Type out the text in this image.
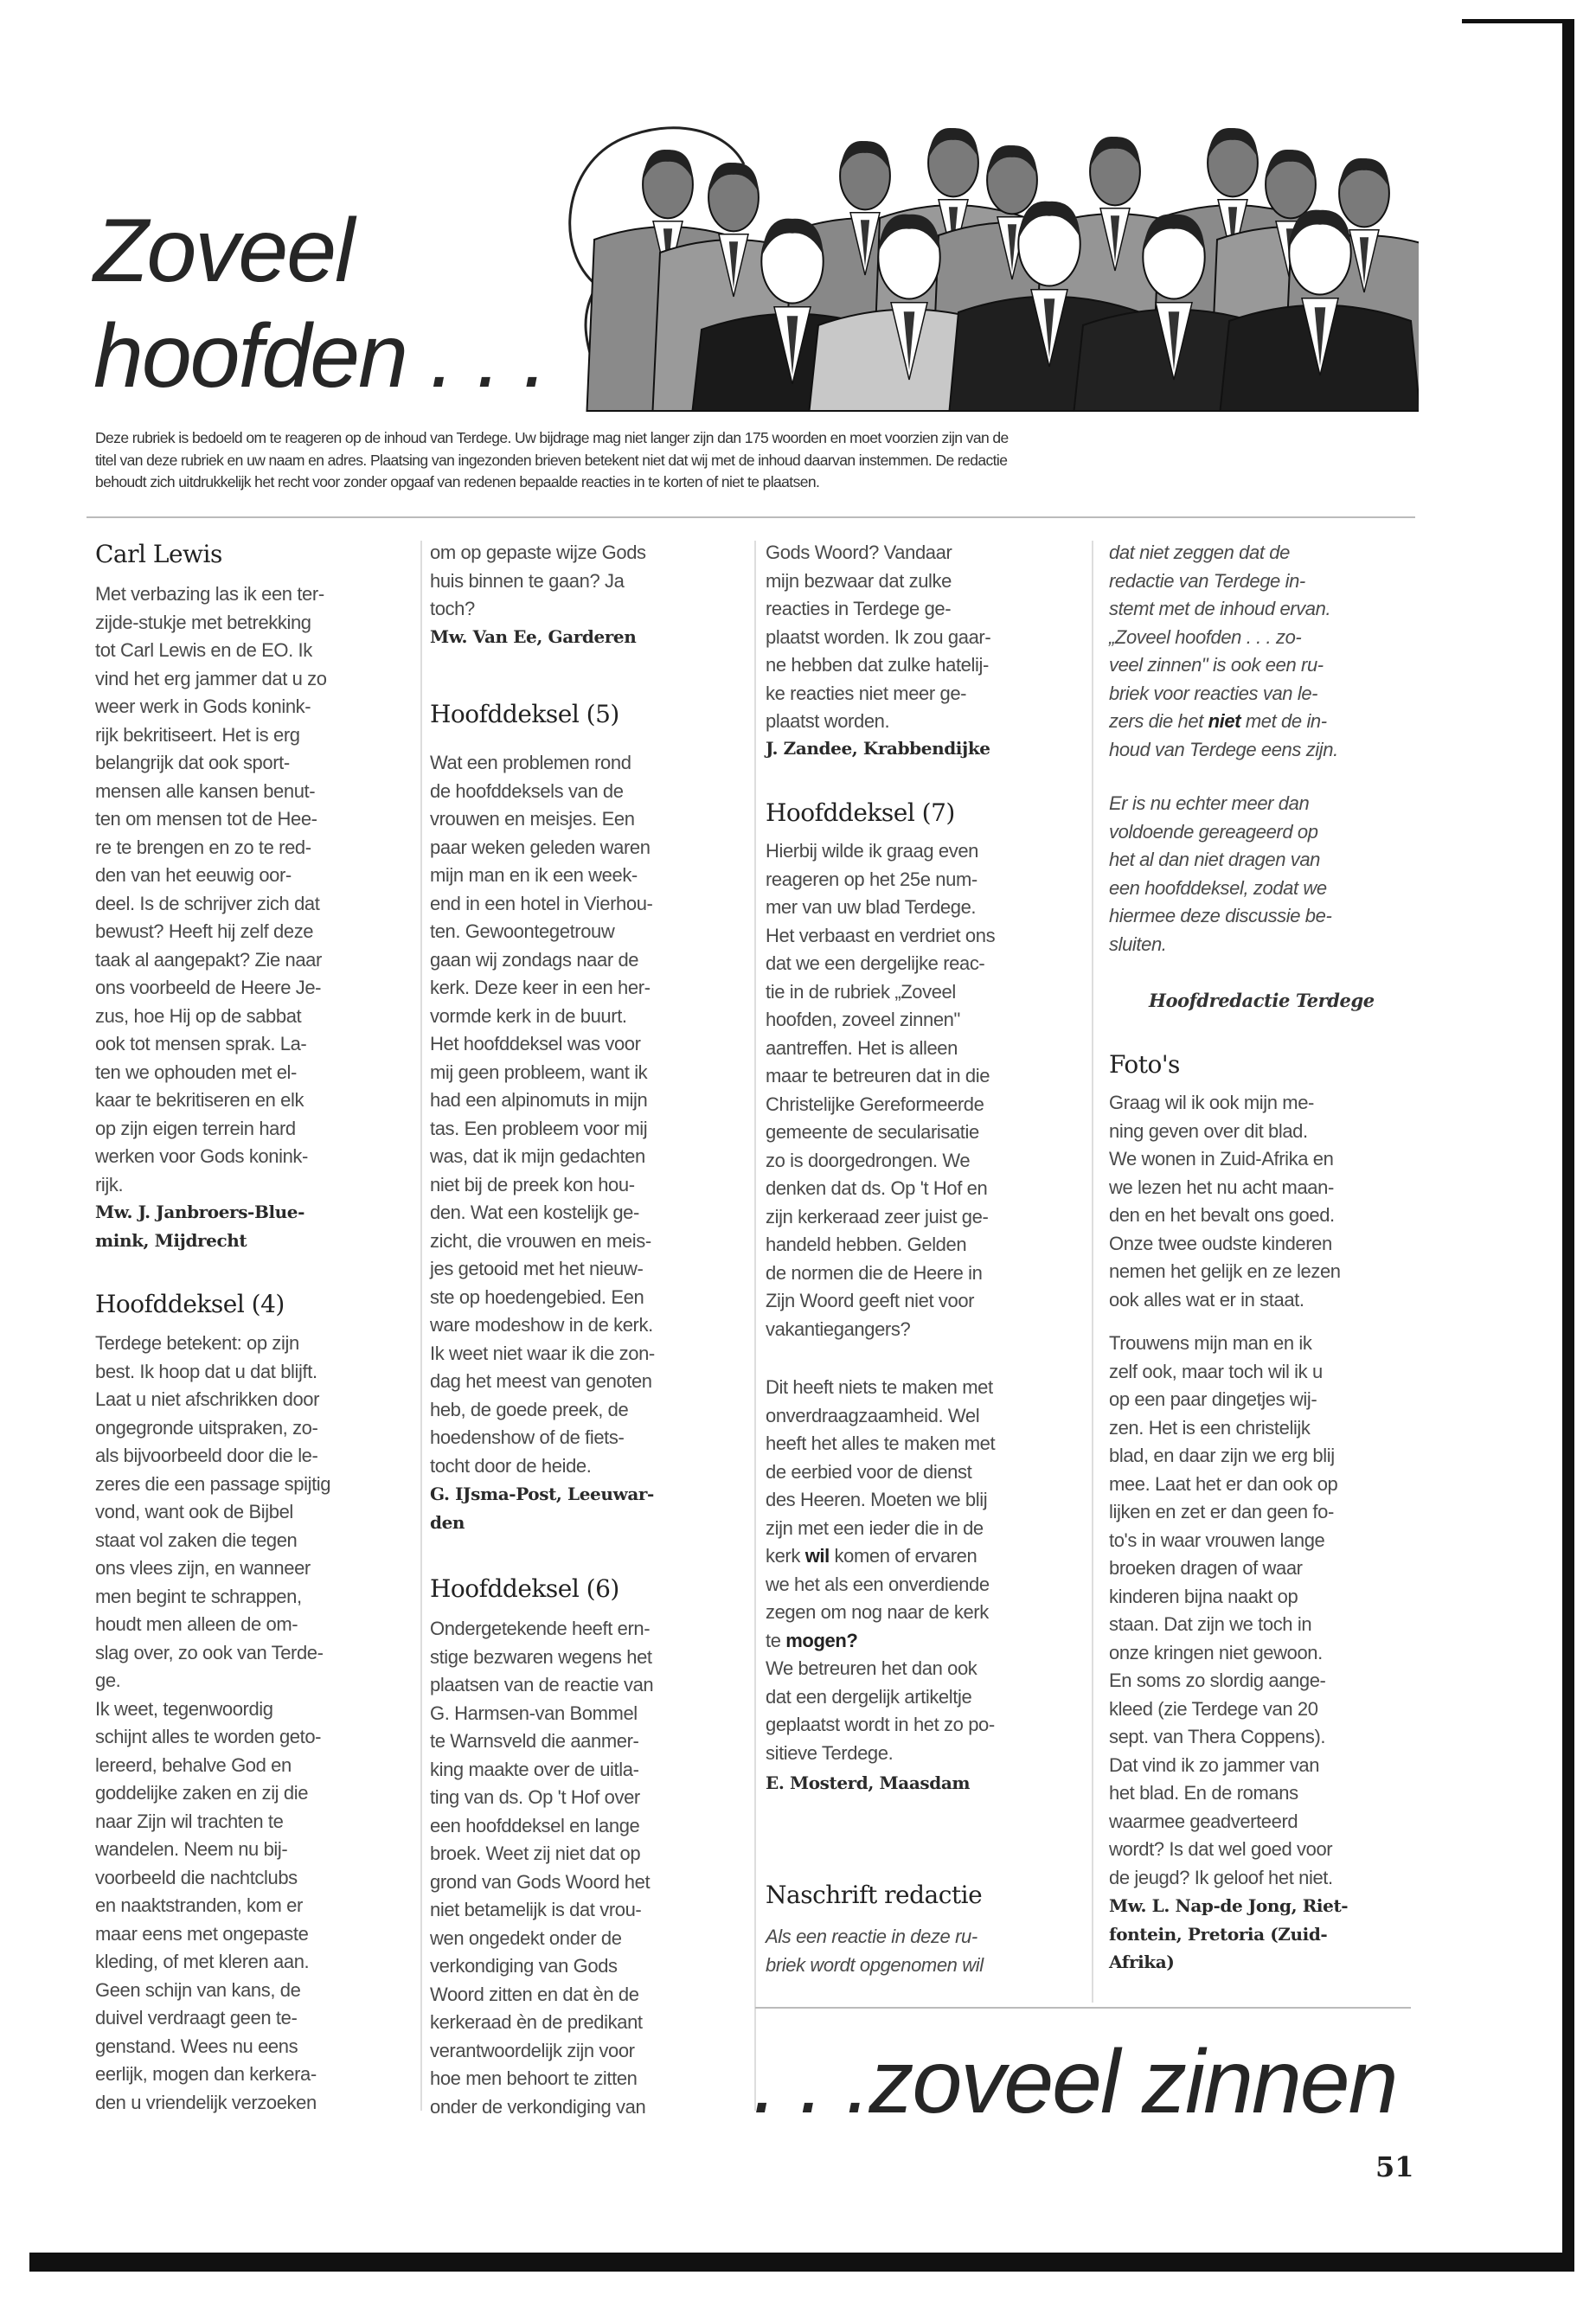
Zoveel
hoofden . . .
Deze rubriek is bedoeld om te reageren op de inhoud van Terdege. Uw bijdrage mag niet langer zijn dan 175 woorden en moet voorzien zijn van de
titel van deze rubriek en uw naam en adres. Plaatsing van ingezonden brieven betekent niet dat wij met de inhoud daarvan instemmen. De redactie
behoudt zich uitdrukkelijk het recht voor zonder opgaaf van redenen bepaalde reacties in te korten of niet te plaatsen.
Carl Lewis
Met verbazing las ik een ter-
zijde-stukje met betrekking
tot Carl Lewis en de EO. Ik
vind het erg jammer dat u zo
weer werk in Gods konink-
rijk bekritiseert. Het is erg
belangrijk dat ook sport-
mensen alle kansen benut-
ten om mensen tot de Hee-
re te brengen en zo te red-
den van het eeuwig oor-
deel. Is de schrijver zich dat
bewust? Heeft hij zelf deze
taak al aangepakt? Zie naar
ons voorbeeld de Heere Je-
zus, hoe Hij op de sabbat
ook tot mensen sprak. La-
ten we ophouden met el-
kaar te bekritiseren en elk
op zijn eigen terrein hard
werken voor Gods konink-
rijk.
Mw. J. Janbroers-Blue-
mink, Mijdrecht
Hoofddeksel (4)
Terdege betekent: op zijn
best. Ik hoop dat u dat blijft.
Laat u niet afschrikken door
ongegronde uitspraken, zo-
als bijvoorbeeld door die le-
zeres die een passage spijtig
vond, want ook de Bijbel
staat vol zaken die tegen
ons vlees zijn, en wanneer
men begint te schrappen,
houdt men alleen de om-
slag over, zo ook van Terde-
ge.
Ik weet, tegenwoordig
schijnt alles te worden geto-
lereerd, behalve God en
goddelijke zaken en zij die
naar Zijn wil trachten te
wandelen. Neem nu bij-
voorbeeld die nachtclubs
en naaktstranden, kom er
maar eens met ongepaste
kleding, of met kleren aan.
Geen schijn van kans, de
duivel verdraagt geen te-
genstand. Wees nu eens
eerlijk, mogen dan kerkera-
den u vriendelijk verzoeken
om op gepaste wijze Gods
huis binnen te gaan? Ja
toch?
Mw. Van Ee, Garderen
Hoofddeksel (5)
Wat een problemen rond
de hoofddeksels van de
vrouwen en meisjes. Een
paar weken geleden waren
mijn man en ik een week-
end in een hotel in Vierhou-
ten. Gewoontegetrouw
gaan wij zondags naar de
kerk. Deze keer in een her-
vormde kerk in de buurt.
Het hoofddeksel was voor
mij geen probleem, want ik
had een alpinomuts in mijn
tas. Een probleem voor mij
was, dat ik mijn gedachten
niet bij de preek kon hou-
den. Wat een kostelijk ge-
zicht, die vrouwen en meis-
jes getooid met het nieuw-
ste op hoedengebied. Een
ware modeshow in de kerk.
Ik weet niet waar ik die zon-
dag het meest van genoten
heb, de goede preek, de
hoedenshow of de fiets-
tocht door de heide.
G. IJsma-Post, Leeuwar-
den
Hoofddeksel (6)
Ondergetekende heeft ern-
stige bezwaren wegens het
plaatsen van de reactie van
G. Harmsen-van Bommel
te Warnsveld die aanmer-
king maakte over de uitla-
ting van ds. Op 't Hof over
een hoofddeksel en lange
broek. Weet zij niet dat op
grond van Gods Woord het
niet betamelijk is dat vrou-
wen ongedekt onder de
verkondiging van Gods
Woord zitten en dat èn de
kerkeraad èn de predikant
verantwoordelijk zijn voor
hoe men behoort te zitten
onder de verkondiging van
Gods Woord? Vandaar
mijn bezwaar dat zulke
reacties in Terdege ge-
plaatst worden. Ik zou gaar-
ne hebben dat zulke hatelij-
ke reacties niet meer ge-
plaatst worden.
J. Zandee, Krabbendijke
Hoofddeksel (7)
Hierbij wilde ik graag even
reageren op het 25e num-
mer van uw blad Terdege.
Het verbaast en verdriet ons
dat we een dergelijke reac-
tie in de rubriek „Zoveel
hoofden, zoveel zinnen"
aantreffen. Het is alleen
maar te betreuren dat in die
Christelijke Gereformeerde
gemeente de secularisatie
zo is doorgedrongen. We
denken dat ds. Op 't Hof en
zijn kerkeraad zeer juist ge-
handeld hebben. Gelden
de normen die de Heere in
Zijn Woord geeft niet voor
vakantiegangers?
Dit heeft niets te maken met
onverdraagzaamheid. Wel
heeft het alles te maken met
de eerbied voor de dienst
des Heeren. Moeten we blij
zijn met een ieder die in de
kerk wil komen of ervaren
we het als een onverdiende
zegen om nog naar de kerk
te mogen?
We betreuren het dan ook
dat een dergelijk artikeltje
geplaatst wordt in het zo po-
sitieve Terdege.
E. Mosterd, Maasdam
Naschrift redactie
Als een reactie in deze ru-
briek wordt opgenomen wil
dat niet zeggen dat de
redactie van Terdege in-
stemt met de inhoud ervan.
„Zoveel hoofden . . . zo-
veel zinnen" is ook een ru-
briek voor reacties van le-
zers die het niet met de in-
houd van Terdege eens zijn.
Er is nu echter meer dan
voldoende gereageerd op
het al dan niet dragen van
een hoofddeksel, zodat we
hiermee deze discussie be-
sluiten.
Hoofdredactie Terdege
Foto's
Graag wil ik ook mijn me-
ning geven over dit blad.
We wonen in Zuid-Afrika en
we lezen het nu acht maan-
den en het bevalt ons goed.
Onze twee oudste kinderen
nemen het gelijk en ze lezen
ook alles wat er in staat.
Trouwens mijn man en ik
zelf ook, maar toch wil ik u
op een paar dingetjes wij-
zen. Het is een christelijk
blad, en daar zijn we erg blij
mee. Laat het er dan ook op
lijken en zet er dan geen fo-
to's in waar vrouwen lange
broeken dragen of waar
kinderen bijna naakt op
staan. Dat zijn we toch in
onze kringen niet gewoon.
En soms zo slordig aange-
kleed (zie Terdege van 20
sept. van Thera Coppens).
Dat vind ik zo jammer van
het blad. En de romans
waarmee geadverteerd
wordt? Is dat wel goed voor
de jeugd? Ik geloof het niet.
Mw. L. Nap-de Jong, Riet-
fontein, Pretoria (Zuid-
Afrika)
. . .zoveel zinnen
51
